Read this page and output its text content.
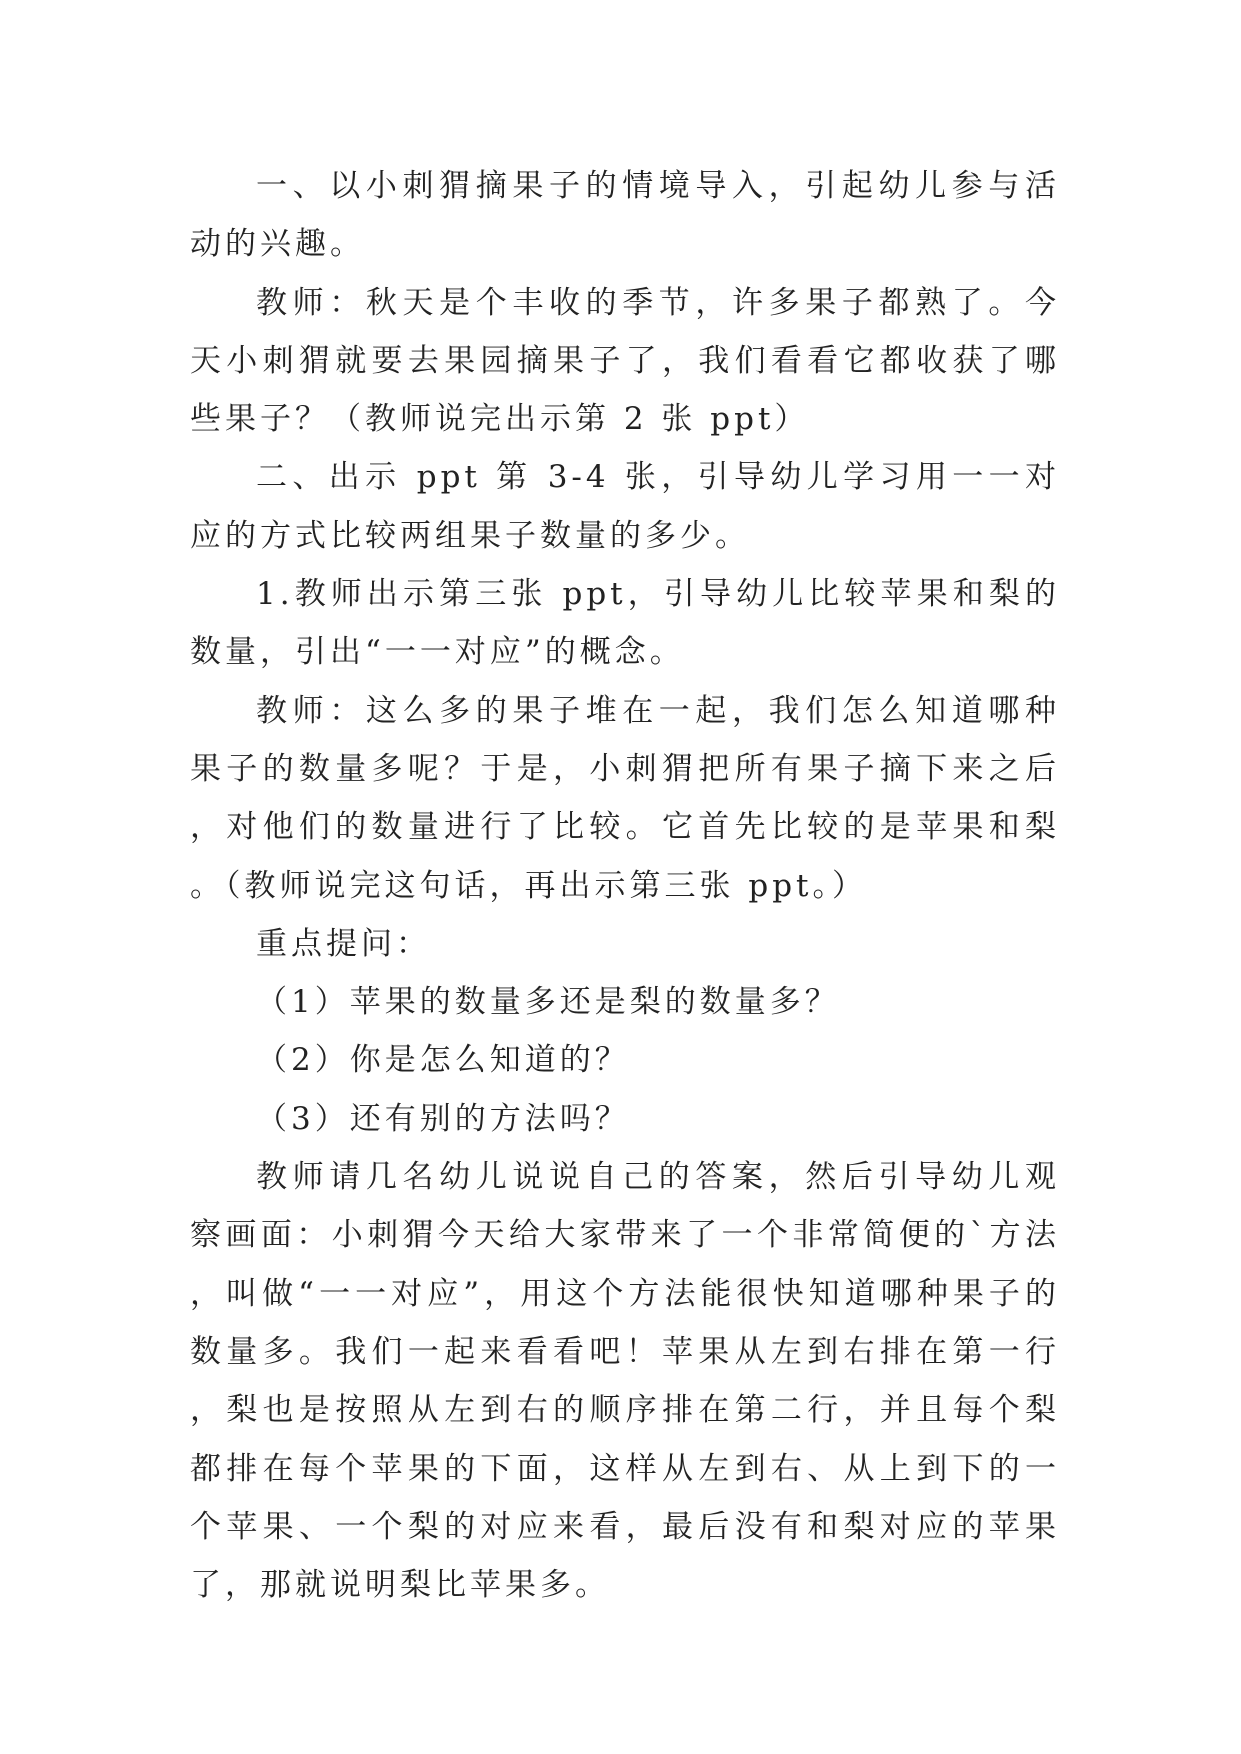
一、以小刺猬摘果子的情境导入，引起幼儿参与活动的兴趣。

教师：秋天是个丰收的季节，许多果子都熟了。今天小刺猬就要去果园摘果子了，我们看看它都收获了哪些果子？（教师说完出示第 2 张 ppt）

二、出示 ppt 第 3-4 张，引导幼儿学习用一一对应的方式比较两组果子数量的多少。

1.教师出示第三张 ppt，引导幼儿比较苹果和梨的数量，引出“一一对应”的概念。

教师：这么多的果子堆在一起，我们怎么知道哪种果子的数量多呢？于是，小刺猬把所有果子摘下来之后，对他们的数量进行了比较。它首先比较的是苹果和梨。（教师说完这句话，再出示第三张 ppt。）

重点提问：

（1）苹果的数量多还是梨的数量多？

（2）你是怎么知道的？

（3）还有别的方法吗？

教师请几名幼儿说说自己的答案，然后引导幼儿观察画面：小刺猬今天给大家带来了一个非常简便的`方法，叫做“一一对应”，用这个方法能很快知道哪种果子的数量多。我们一起来看看吧！苹果从左到右排在第一行，梨也是按照从左到右的顺序排在第二行，并且每个梨都排在每个苹果的下面，这样从左到右、从上到下的一个苹果、一个梨的对应来看，最后没有和梨对应的苹果了，那就说明梨比苹果多。
